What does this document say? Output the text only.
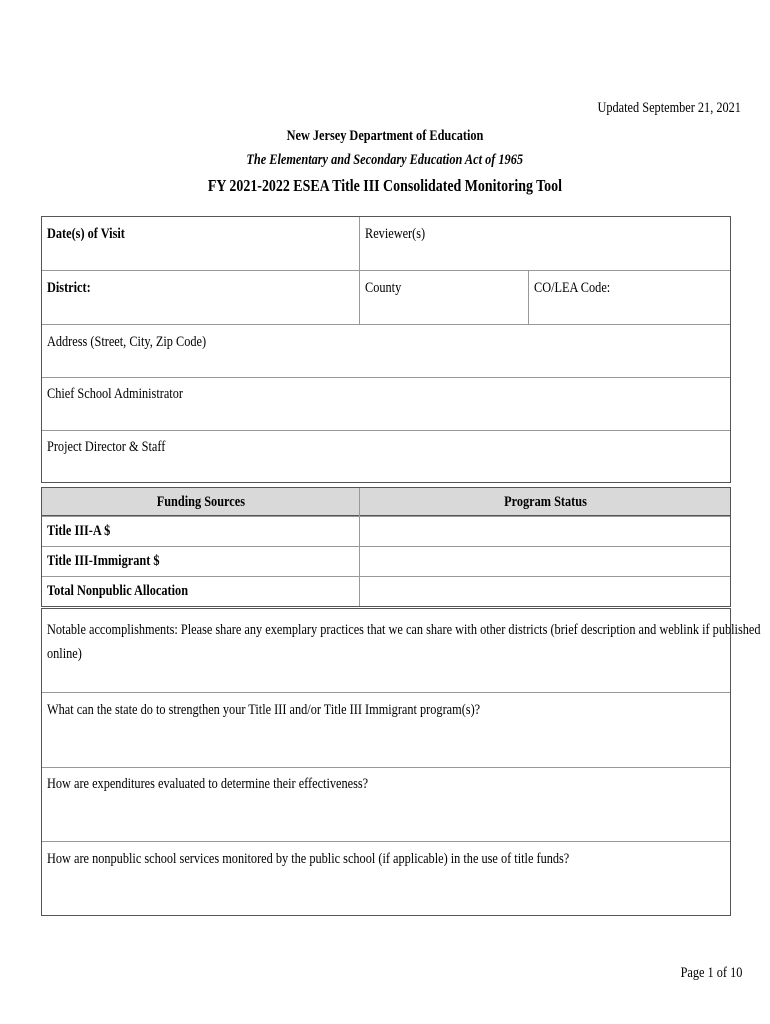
Updated September 21, 2021
New Jersey Department of Education
The Elementary and Secondary Education Act of 1965
FY 2021-2022 ESEA Title III Consolidated Monitoring Tool
Date(s) of Visit	Reviewer(s)
District:	County	CO/LEA Code:
Address (Street, City, Zip Code)
Chief School Administrator
Project Director & Staff
Funding Sources	Program Status
Title III-A $
Title III-Immigrant $
Total Nonpublic Allocation
Notable accomplishments: Please share any exemplary practices that we can share with other districts (brief description and weblink if published
online)
What can the state do to strengthen your Title III and/or Title III Immigrant program(s)?
How are expenditures evaluated to determine their effectiveness?
How are nonpublic school services monitored by the public school (if applicable) in the use of title funds?
Page 1 of 10
